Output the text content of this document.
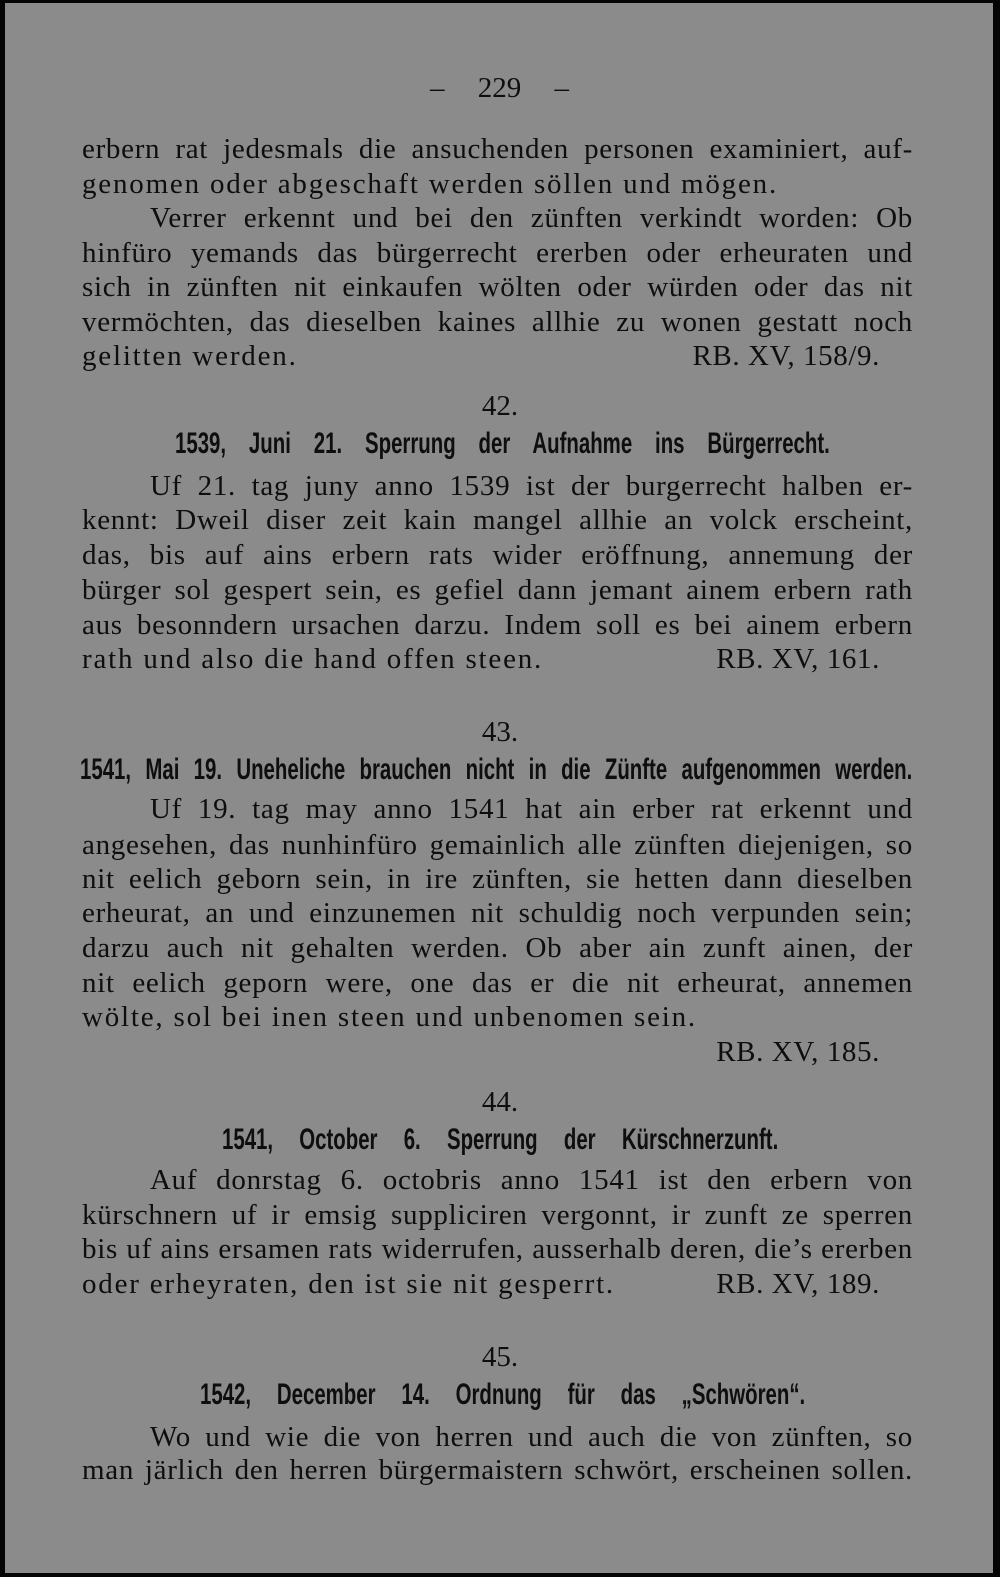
– 229 –
erbern rat jedesmals die ansuchenden personen examiniert, auf-
genomen oder abgeschaft werden söllen und mögen.
Verrer erkennt und bei den zünften verkindt worden: Ob
hinfüro yemands das bürgerrecht ererben oder erheuraten und
sich in zünften nit einkaufen wölten oder würden oder das nit
vermöchten, das dieselben kaines allhie zu wonen gestatt noch
gelitten werden.	RB. XV, 158/9.
42.
1539, Juni 21. Sperrung der Aufnahme ins Bürgerrecht.
Uf 21. tag juny anno 1539 ist der burgerrecht halben er-
kennt: Dweil diser zeit kain mangel allhie an volck erscheint,
das, bis auf ains erbern rats wider eröffnung, annemung der
bürger sol gespert sein, es gefiel dann jemant ainem erbern rath
aus besonndern ursachen darzu. Indem soll es bei ainem erbern
rath und also die hand offen steen.	RB. XV, 161.
43.
1541, Mai 19. Uneheliche brauchen nicht in die Zünfte aufgenommen werden.
Uf 19. tag may anno 1541 hat ain erber rat erkennt und
angesehen, das nunhinfüro gemainlich alle zünften diejenigen, so
nit eelich geborn sein, in ire zünften, sie hetten dann dieselben
erheurat, an und einzunemen nit schuldig noch verpunden sein;
darzu auch nit gehalten werden. Ob aber ain zunft ainen, der
nit eelich geporn were, one das er die nit erheurat, annemen
wölte, sol bei inen steen und unbenomen sein.
RB. XV, 185.
44.
1541, October 6. Sperrung der Kürschnerzunft.
Auf donrstag 6. octobris anno 1541 ist den erbern von
kürschnern uf ir emsig suppliciren vergonnt, ir zunft ze sperren
bis uf ains ersamen rats widerrufen, ausserhalb deren, die’s ererben
oder erheyraten, den ist sie nit gesperrt.	RB. XV, 189.
45.
1542, December 14. Ordnung für das „Schwören“.
Wo und wie die von herren und auch die von zünften, so
man järlich den herren bürgermaistern schwört, erscheinen sollen.
